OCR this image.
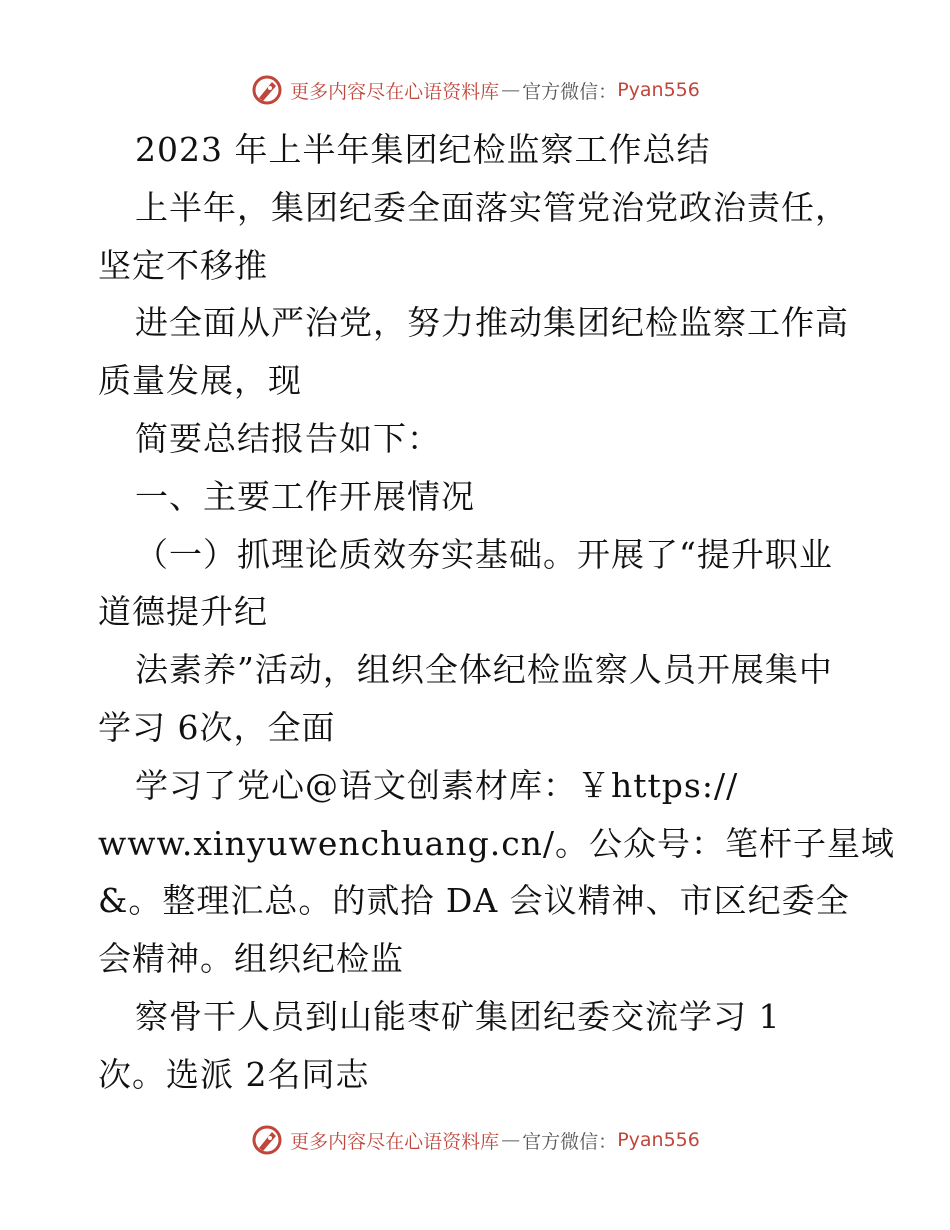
更多内容尽在心语资料库 — 官方微信： Pyan556
2023 年上半年集团纪检监察工作总结
上半年，集团纪委全面落实管党治党政治责任，
坚定不移推
进全面从严治党，努力推动集团纪检监察工作高
质量发展，现
简要总结报告如下：
一、主要工作开展情况
（一）抓理论质效夯实基础。开展了“提升职业
道德提升纪
法素养”活动，组织全体纪检监察人员开展集中
学习 6次，全面
学习了党心@语文创素材库：￥https://
www.xinyuwenchuang.cn/。公众号：笔杆子星域
&。整理汇总。的贰拾 DA 会议精神、市区纪委全
会精神。组织纪检监
察骨干人员到山能枣矿集团纪委交流学习 1
次。选派 2名同志
更多内容尽在心语资料库 — 官方微信： Pyan556
